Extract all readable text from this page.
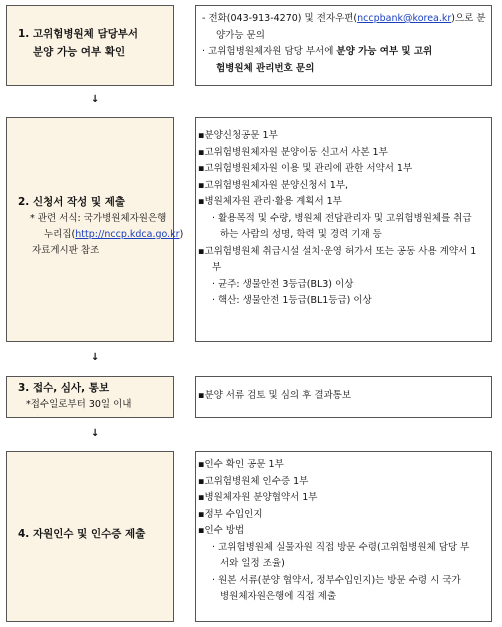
1. 고위험병원체 담당부서
분양 가능 여부 확인
- 전화(043-913-4270) 및 전자우편(nccpbank@korea.kr)으로 분
양가능 문의
· 고위험병원체자원 담당 부서에 분양 가능 여부 및 고위
험병원체 관리번호 문의
↓
2. 신청서 작성 및 제출
* 관련 서식: 국가병원체자원은행
누리집(http://nccp.kdca.go.kr)
자료게시판 참조
▪분양신청공문 1부
▪고위험병원체자원 분양이동 신고서 사본 1부
▪고위험병원체자원 이용 및 관리에 관한 서약서 1부
▪고위험병원체자원 분양신청서 1부,
▪병원체자원 관리·활용 계획서 1부
· 활용목적 및 수량, 병원체 전담관리자 및 고위험병원체를 취급
하는 사람의 성명, 학력 및 경력 기재 등
▪고위험병원체 취급시설 설치·운영 허가서 또는 공동 사용 계약서 1
부
· 균주: 생물안전 3등급(BL3) 이상
· 핵산: 생물안전 1등급(BL1등급) 이상
↓
3. 접수, 심사, 통보
*접수일로부터 30일 이내
▪분양 서류 검토 및 심의 후 결과통보
↓
4. 자원인수 및 인수증 제출
▪인수 확인 공문 1부
▪고위험병원체 인수증 1부
▪병원체자원 분양협약서 1부
▪정부 수입인지
▪인수 방법
· 고위험병원체 실물자원 직접 방문 수령(고위험병원체 담당 부
서와 일정 조율)
· 원본 서류(분양 협약서, 정부수입인지)는 방문 수령 시 국가
병원체자원은행에 직접 제출
